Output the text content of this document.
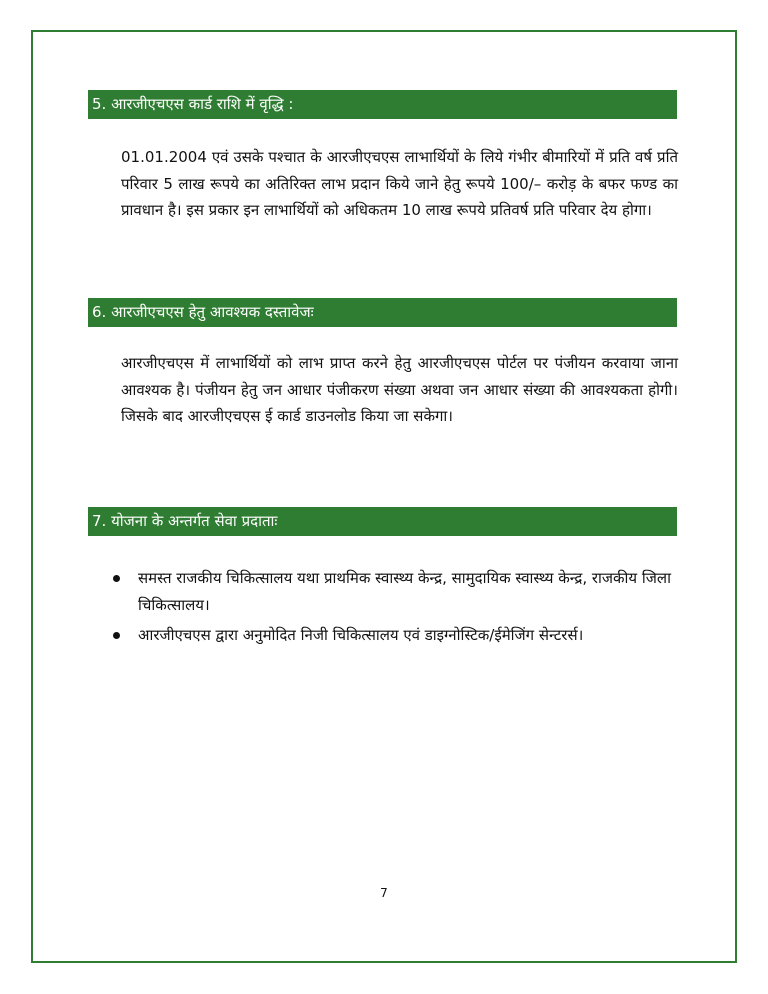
5. आरजीएचएस कार्ड राशि में वृद्धि :
01.01.2004 एवं उसके पश्चात के आरजीएचएस लाभार्थियों के लिये गंभीर बीमारियों में प्रति वर्ष प्रति परिवार 5 लाख रूपये का अतिरिक्त लाभ प्रदान किये जाने हेतु रूपये 100/– करोड़ के बफर फण्ड का प्रावधान है। इस प्रकार इन लाभार्थियों को अधिकतम 10 लाख रूपये प्रतिवर्ष प्रति परिवार देय होगा।
6. आरजीएचएस हेतु आवश्यक दस्तावेजः
आरजीएचएस में लाभार्थियों को लाभ प्राप्त करने हेतु आरजीएचएस पोर्टल पर पंजीयन करवाया जाना आवश्यक है। पंजीयन हेतु जन आधार पंजीकरण संख्या अथवा जन आधार संख्या की आवश्यकता होगी। जिसके बाद आरजीएचएस ई कार्ड डाउनलोड किया जा सकेगा।
7. योजना के अन्तर्गत सेवा प्रदाताः
समस्त राजकीय चिकित्सालय यथा प्राथमिक स्वास्थ्य केन्द्र, सामुदायिक स्वास्थ्य केन्द्र, राजकीय जिला चिकित्सालय।
आरजीएचएस द्वारा अनुमोदित निजी चिकित्सालय एवं डाइग्नोस्टिक/ईमेजिंग सेन्टरर्स।
7
